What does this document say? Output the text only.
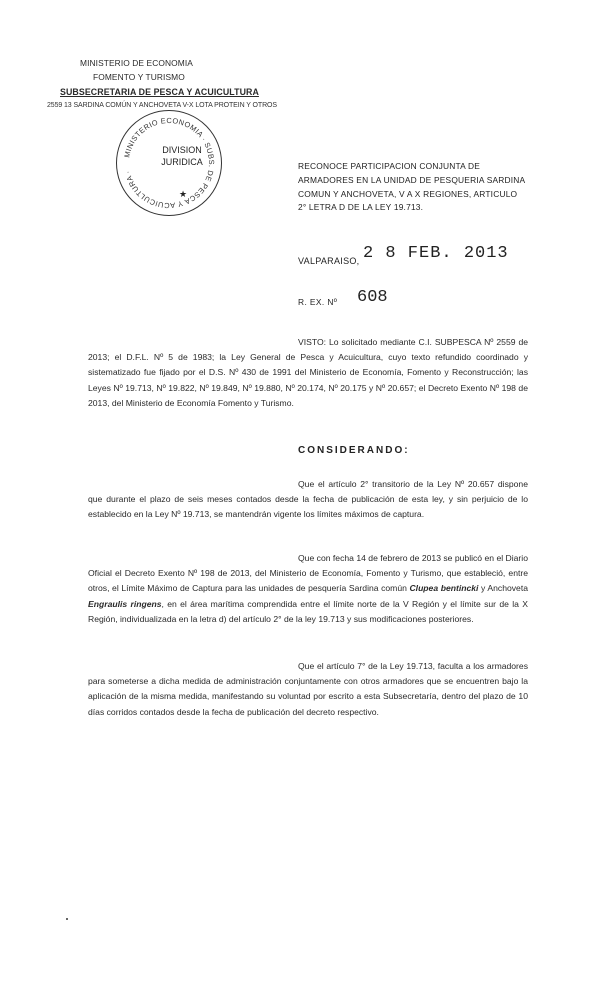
MINISTERIO DE ECONOMIA
FOMENTO Y TURISMO
SUBSECRETARIA DE PESCA Y ACUICULTURA
2559 13 SARDINA COMÚN Y ANCHOVETA V-X LOTA PROTEIN Y OTROS
MINISTERIO ECONOMIA · SUBS. DE PESCA Y ACUICULTURA ·
★
DIVISION
JURIDICA	RECONOCE PARTICIPACION CONJUNTA DE ARMADORES EN LA UNIDAD DE PESQUERIA SARDINA COMUN Y ANCHOVETA, V A X REGIONES, ARTICULO 2° LETRA D DE LA LEY 19.713.
VALPARAISO, 2 8 FEB. 2013
R. EX. Nº 608
VISTO: Lo solicitado mediante C.I. SUBPESCA Nº 2559 de 2013; el D.F.L. Nº 5 de 1983; la Ley General de Pesca y Acuicultura, cuyo texto refundido coordinado y sistematizado fue fijado por el D.S. Nº 430 de 1991 del Ministerio de Economía, Fomento y Reconstrucción; las Leyes Nº 19.713, Nº 19.822, Nº 19.849, Nº 19.880, Nº 20.174, Nº 20.175 y Nº 20.657; el Decreto Exento Nº 198 de 2013, del Ministerio de Economía Fomento y Turismo.
CONSIDERANDO:
Que el artículo 2° transitorio de la Ley Nº 20.657 dispone que durante el plazo de seis meses contados desde la fecha de publicación de esta ley, y sin perjuicio de lo establecido en la Ley Nº 19.713, se mantendrán vigente los límites máximos de captura.
Que con fecha 14 de febrero de 2013 se publicó en el Diario Oficial el Decreto Exento Nº 198 de 2013, del Ministerio de Economía, Fomento y Turismo, que estableció, entre otros, el Límite Máximo de Captura para las unidades de pesquería Sardina común Clupea bentincki y Anchoveta Engraulis ringens, en el área marítima comprendida entre el límite norte de la V Región y el límite sur de la X Región, individualizada en la letra d) del artículo 2° de la ley 19.713 y sus modificaciones posteriores.
Que el artículo 7° de la Ley 19.713, faculta a los armadores para someterse a dicha medida de administración conjuntamente con otros armadores que se encuentren bajo la aplicación de la misma medida, manifestando su voluntad por escrito a esta Subsecretaría, dentro del plazo de 10 días corridos contados desde la fecha de publicación del decreto respectivo.
